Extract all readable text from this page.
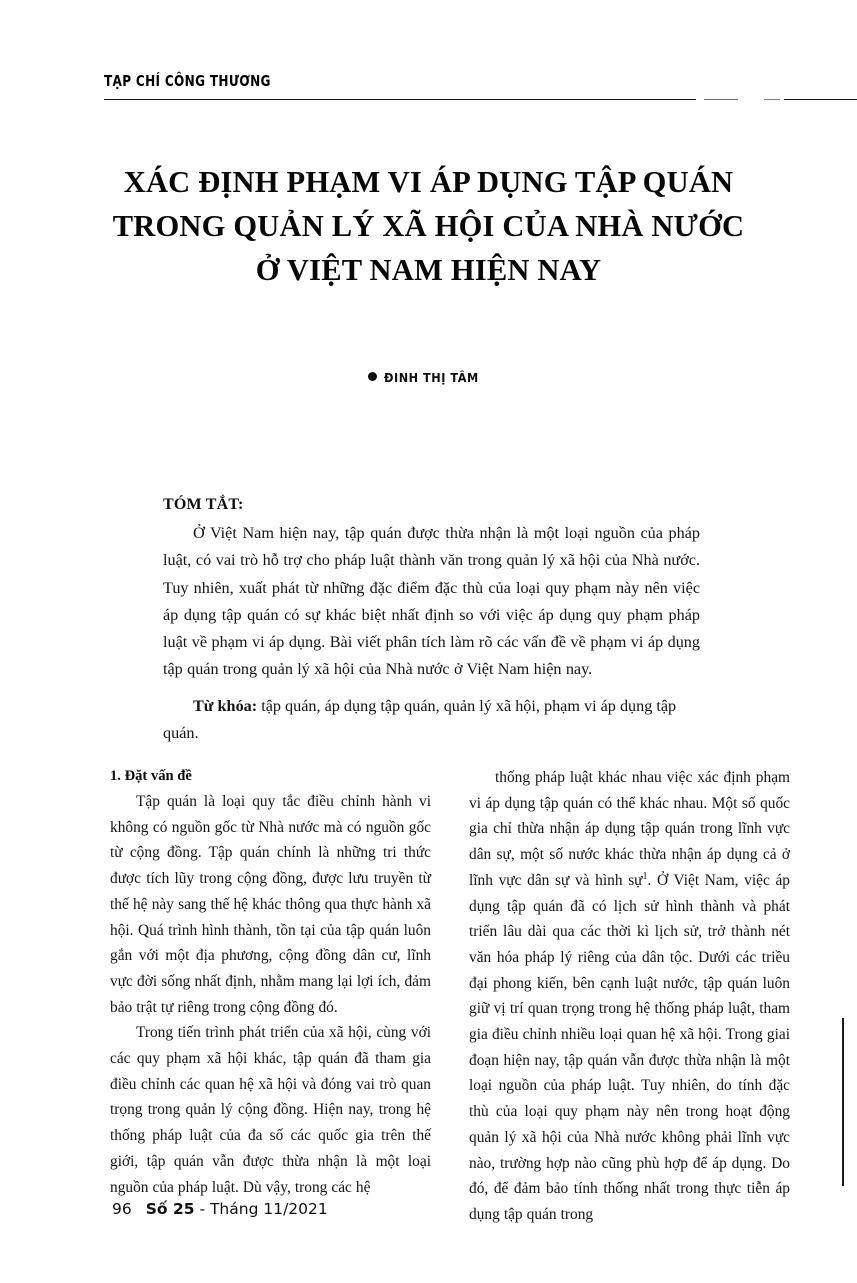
TẠP CHÍ CÔNG THƯƠNG
XÁC ĐỊNH PHẠM VI ÁP DỤNG TẬP QUÁN
TRONG QUẢN LÝ XÃ HỘI CỦA NHÀ NƯỚC
Ở VIỆT NAM HIỆN NAY
ĐINH THỊ TÂM
TÓM TẮT:
Ở Việt Nam hiện nay, tập quán được thừa nhận là một loại nguồn của pháp luật, có vai trò hỗ trợ cho pháp luật thành văn trong quản lý xã hội của Nhà nước. Tuy nhiên, xuất phát từ những đặc điểm đặc thù của loại quy phạm này nên việc áp dụng tập quán có sự khác biệt nhất định so với việc áp dụng quy phạm pháp luật về phạm vi áp dụng. Bài viết phân tích làm rõ các vấn đề về phạm vi áp dụng tập quán trong quản lý xã hội của Nhà nước ở Việt Nam hiện nay.
Từ khóa: tập quán, áp dụng tập quán, quản lý xã hội, phạm vi áp dụng tập quán.
1. Đặt vấn đề

Tập quán là loại quy tắc điều chỉnh hành vi không có nguồn gốc từ Nhà nước mà có nguồn gốc từ cộng đồng. Tập quán chính là những tri thức được tích lũy trong cộng đồng, được lưu truyền từ thế hệ này sang thế hệ khác thông qua thực hành xã hội. Quá trình hình thành, tồn tại của tập quán luôn gắn với một địa phương, cộng đồng dân cư, lĩnh vực đời sống nhất định, nhằm mang lại lợi ích, đảm bảo trật tự riêng trong cộng đồng đó.

Trong tiến trình phát triển của xã hội, cùng với các quy phạm xã hội khác, tập quán đã tham gia điều chỉnh các quan hệ xã hội và đóng vai trò quan trọng trong quản lý cộng đồng. Hiện nay, trong hệ thống pháp luật của đa số các quốc gia trên thế giới, tập quán vẫn được thừa nhận là một loại nguồn của pháp luật. Dù vậy, trong các hệ

thống pháp luật khác nhau việc xác định phạm vi áp dụng tập quán có thể khác nhau. Một số quốc gia chỉ thừa nhận áp dụng tập quán trong lĩnh vực dân sự, một số nước khác thừa nhận áp dụng cả ở lĩnh vực dân sự và hình sự$^1$. Ở Việt Nam, việc áp dụng tập quán đã có lịch sử hình thành và phát triển lâu dài qua các thời kì lịch sử, trở thành nét văn hóa pháp lý riêng của dân tộc. Dưới các triều đại phong kiến, bên cạnh luật nước, tập quán luôn giữ vị trí quan trọng trong hệ thống pháp luật, tham gia điều chỉnh nhiều loại quan hệ xã hội. Trong giai đoạn hiện nay, tập quán vẫn được thừa nhận là một loại nguồn của pháp luật. Tuy nhiên, do tính đặc thù của loại quy phạm này nên trong hoạt động quản lý xã hội của Nhà nước không phải lĩnh vực nào, trường hợp nào cũng phù hợp để áp dụng. Do đó, để đảm bảo tính thống nhất trong thực tiễn áp dụng tập quán trong

96 Số 25 - Tháng 11/2021
